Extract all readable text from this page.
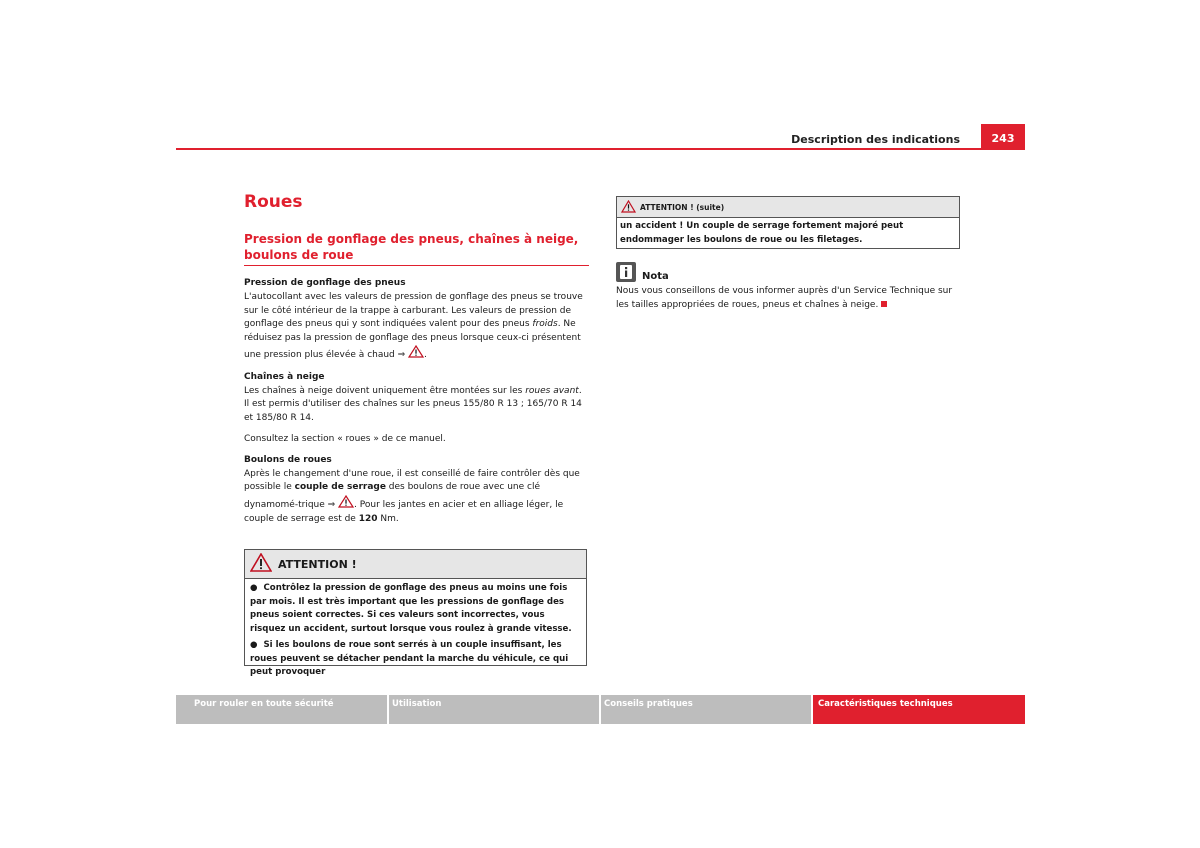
Description des indications	243
Roues
Pression de gonflage des pneus, chaînes à neige, boulons de roue
Pression de gonflage des pneus

L'autocollant avec les valeurs de pression de gonflage des pneus se trouve sur le côté intérieur de la trappe à carburant. Les valeurs de pression de gonflage des pneus qui y sont indiquées valent pour des pneus froids. Ne réduisez pas la pression de gonflage des pneus lorsque ceux-ci présentent une pression plus élevée à chaud ⇒ .

Chaînes à neige

Les chaînes à neige doivent uniquement être montées sur les roues avant. Il est permis d'utiliser des chaînes sur les pneus 155/80 R 13 ; 165/70 R 14 et 185/80 R 14.

Consultez la section « roues » de ce manuel.

Boulons de roues

Après le changement d'une roue, il est conseillé de faire contrôler dès que possible le couple de serrage des boulons de roue avec une clé dynamomé-trique ⇒ . Pour les jantes en acier et en alliage léger, le couple de serrage est de 120 Nm.

ATTENTION !
●  Contrôlez la pression de gonflage des pneus au moins une fois par mois. Il est très important que les pressions de gonflage des pneus soient correctes. Si ces valeurs sont incorrectes, vous risquez un accident, surtout lorsque vous roulez à grande vitesse.
●  Si les boulons de roue sont serrés à un couple insuffisant, les roues peuvent se détacher pendant la marche du véhicule, ce qui peut provoquer
ATTENTION ! (suite)
un accident ! Un couple de serrage fortement majoré peut endommager les boulons de roue ou les filetages.
Nota
Nous vous conseillons de vous informer auprès d'un Service Technique sur les tailles appropriées de roues, pneus et chaînes à neige.
Pour rouler en toute sécurité	Utilisation	Conseils pratiques	Caractéristiques techniques
